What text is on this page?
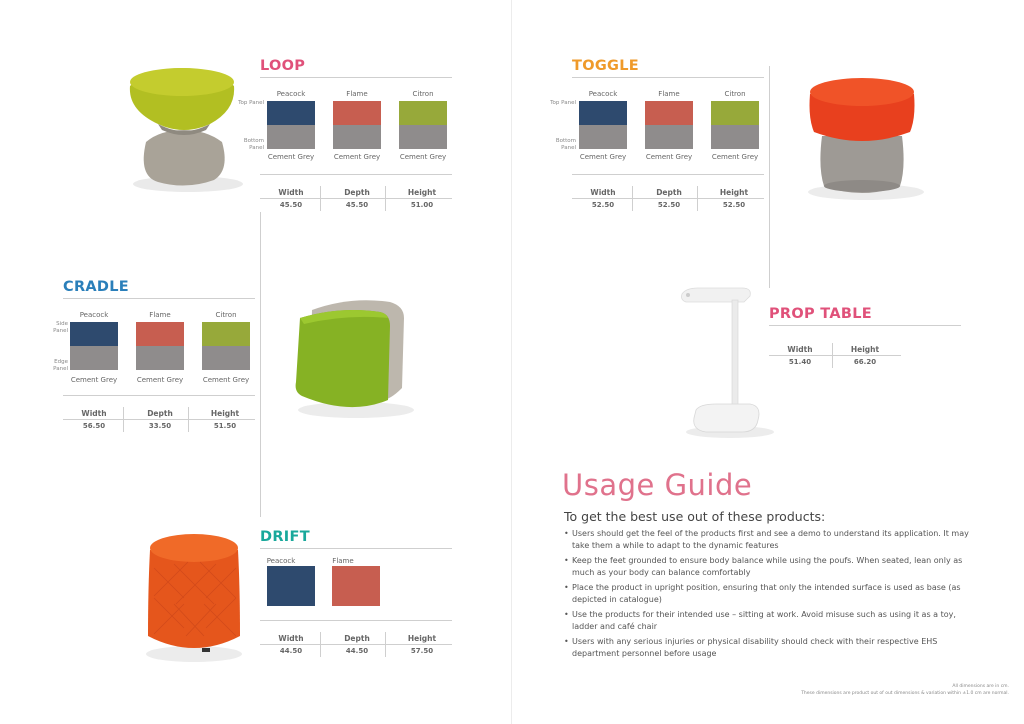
LOOP
Peacock	Flame	Citron
Top Panel
Bottom Panel
Cement Grey	Cement Grey	Cement Grey
Width	Depth	Height
45.50	45.50	51.00
CRADLE
Peacock	Flame	Citron
Side Panel
Edge Panel
Cement Grey	Cement Grey	Cement Grey
Width	Depth	Height
56.50	33.50	51.50
DRIFT
Peacock	Flame
Width	Depth	Height
44.50	44.50	57.50
TOGGLE
Peacock	Flame	Citron
Top Panel
Bottom Panel
Cement Grey	Cement Grey	Cement Grey
Width	Depth	Height
52.50	52.50	52.50
PROP TABLE
Width	Height
51.40	66.20
Usage Guide
To get the best use out of these products:
• Users should get the feel of the products first and see a demo to understand its application. It may take them a while to adapt to the dynamic features
• Keep the feet grounded to ensure body balance while using the poufs. When seated, lean only as much as your body can balance comfortably
• Place the product in upright position, ensuring that only the intended surface is used as base (as depicted in catalogue)
• Use the products for their intended use – sitting at work. Avoid misuse such as using it as a toy, ladder and café chair
• Users with any serious injuries or physical disability should check with their respective EHS department personnel before usage
All dimensions are in cm.
These dimensions are product out of out dimensions & variation within ±1.0 cm are normal.
